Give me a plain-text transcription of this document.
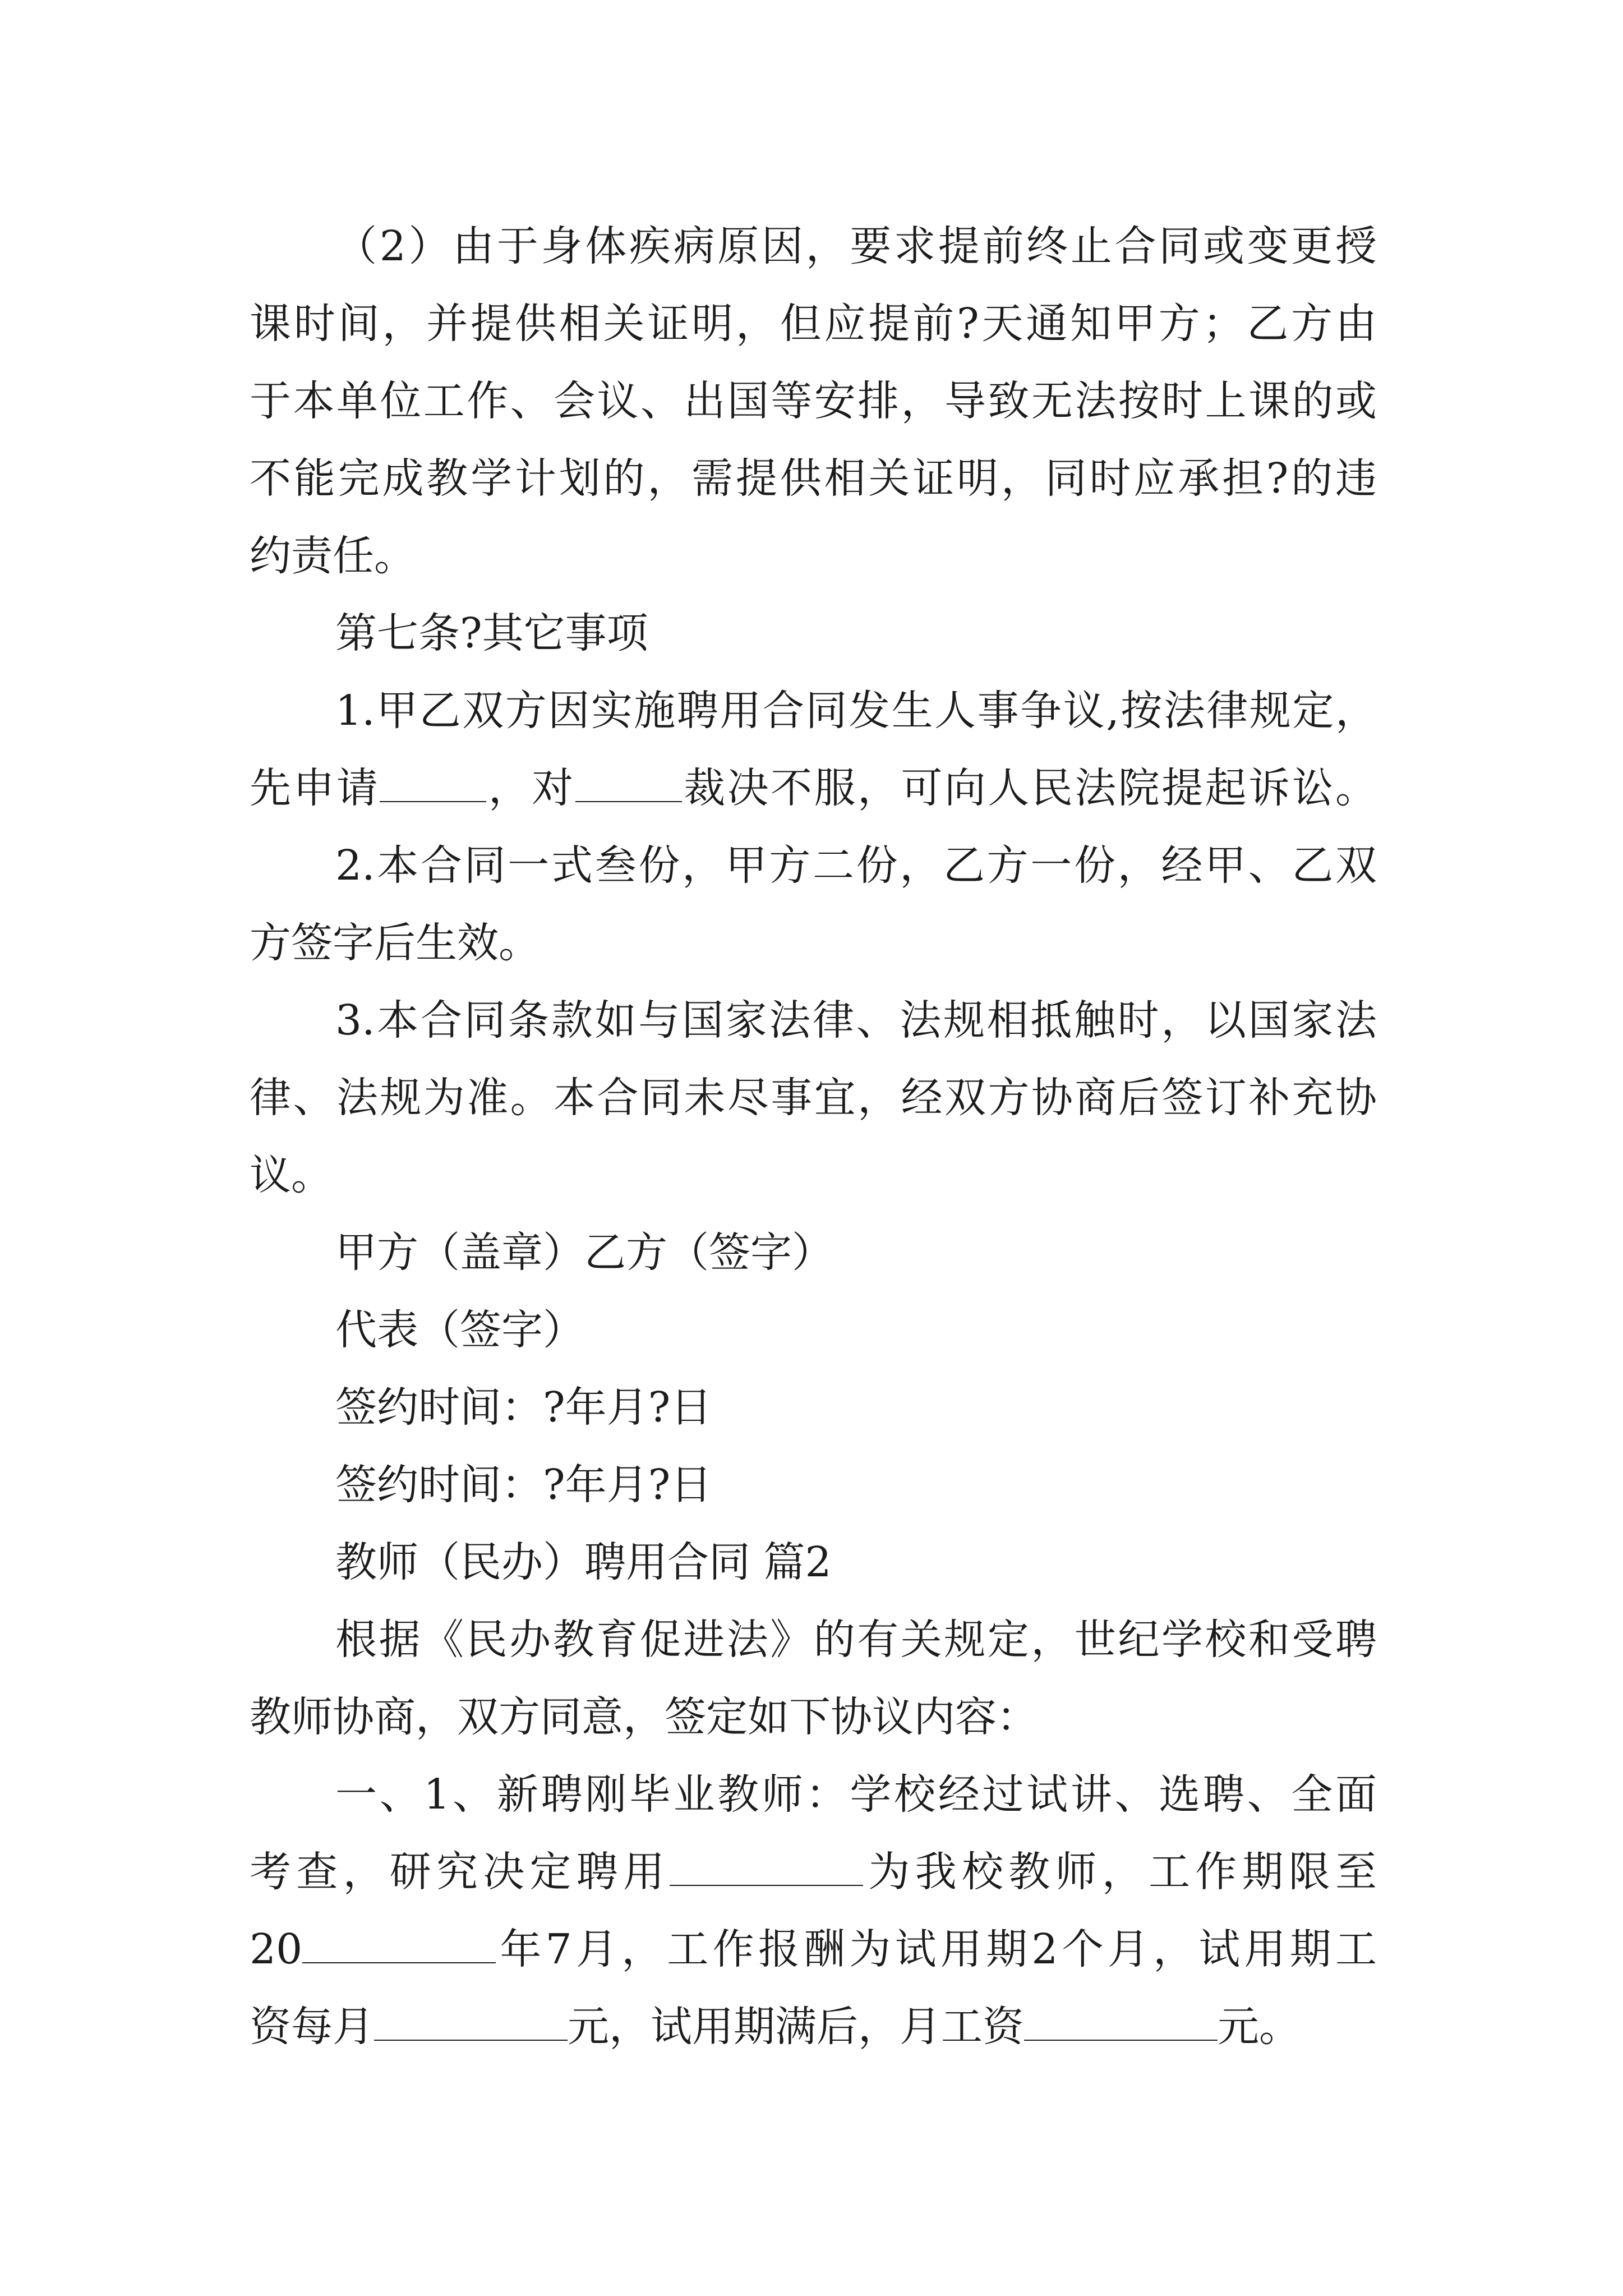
（2）由于身体疾病原因，要求提前终止合同或变更授
课时间，并提供相关证明，但应提前?天通知甲方；乙方由
于本单位工作、会议、出国等安排，导致无法按时上课的或
不能完成教学计划的，需提供相关证明，同时应承担?的违
约责任。
第七条?其它事项
1.甲乙双方因实施聘用合同发生人事争议,按法律规定，
先申请	，对	裁决不服，可向人民法院提起诉讼。
2.本合同一式叁份，甲方二份，乙方一份，经甲、乙双
方签字后生效。
3.本合同条款如与国家法律、法规相抵触时，以国家法
律、法规为准。本合同未尽事宜，经双方协商后签订补充协
议。
甲方（盖章）乙方（签字）
代表（签字）
签约时间：?年月?日
签约时间：?年月?日
教师（民办）聘用合同 篇2
根据《民办教育促进法》的有关规定，世纪学校和受聘
教师协商，双方同意，签定如下协议内容：
一、1、新聘刚毕业教师：学校经过试讲、选聘、全面
考查，研究决定聘用	为我校教师，工作期限至
20	年7月，工作报酬为试用期2个月，试用期工
资每月	元，试用期满后，月工资	元。
